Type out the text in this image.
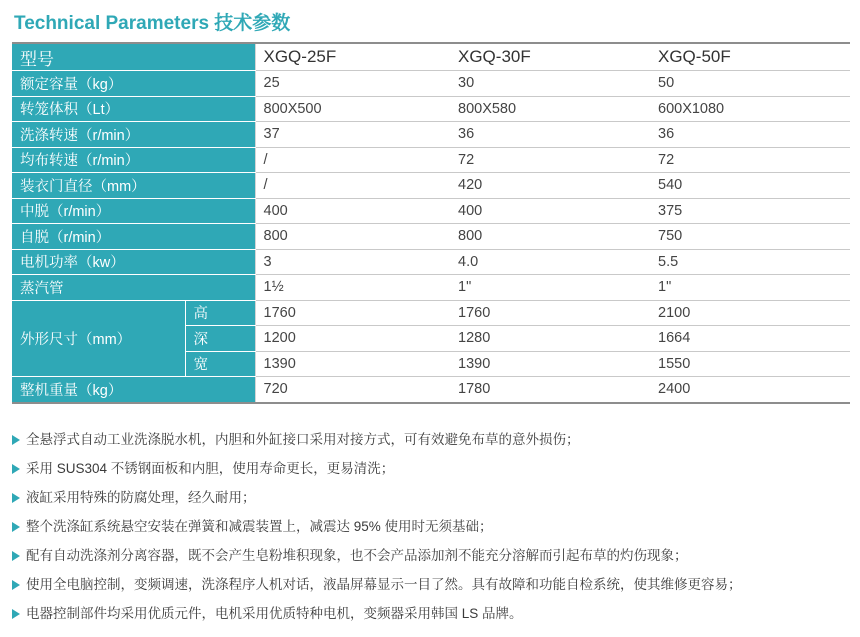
Technical Parameters 技术参数
型号		XGQ-25F	XGQ-30F	XGQ-50F
额定容量（kg）		25	30	50
转笼体积（Lt）		800X500	800X580	600X1080
洗涤转速（r/min）		37	36	36
均布转速（r/min）		/	72	72
装衣门直径（mm）		/	420	540
中脱（r/min）		400	400	375
自脱（r/min）		800	800	750
电机功率（kw）		3	4.0	5.5
蒸汽管		1½	1"	1"
外形尺寸（mm）	高	1760	1760	2100
	深	1200	1280	1664
	宽	1390	1390	1550
整机重量（kg）		720	1780	2400
全悬浮式自动工业洗涤脱水机，内胆和外缸接口采用对接方式，可有效避免布草的意外损伤；
采用 SUS304 不锈钢面板和内胆，使用寿命更长，更易清洗；
液缸采用特殊的防腐处理，经久耐用；
整个洗涤缸系统悬空安装在弹簧和减震装置上，减震达 95% 使用时无须基础；
配有自动洗涤剂分离容器，既不会产生皂粉堆积现象，也不会产品添加剂不能充分溶解而引起布草的灼伤现象；
使用全电脑控制，变频调速，洗涤程序人机对话，液晶屏幕显示一目了然。具有故障和功能自检系统，使其维修更容易；
电器控制部件均采用优质元件，电机采用优质特种电机，变频器采用韩国 LS 品牌。
